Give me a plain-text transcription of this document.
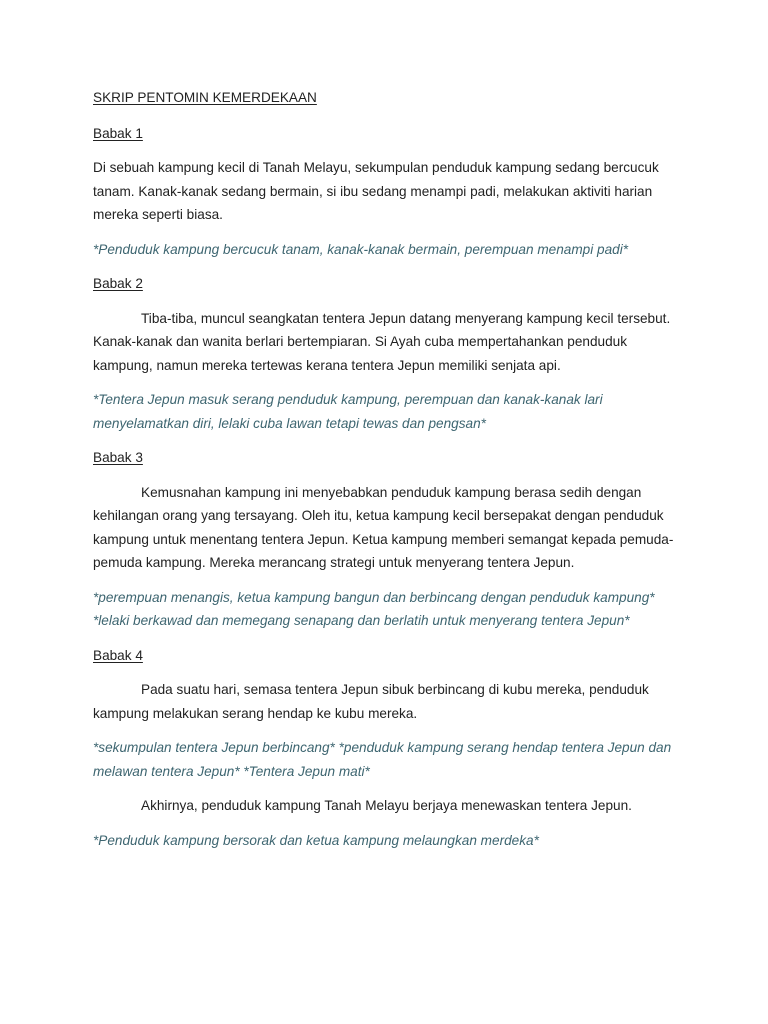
SKRIP PENTOMIN KEMERDEKAAN

Babak 1

Di sebuah kampung kecil di Tanah Melayu, sekumpulan penduduk kampung sedang bercucuk tanam. Kanak-kanak sedang bermain, si ibu sedang menampi padi, melakukan aktiviti harian mereka seperti biasa.

*Penduduk kampung bercucuk tanam, kanak-kanak bermain, perempuan menampi padi*

Babak 2

Tiba-tiba, muncul seangkatan tentera Jepun datang menyerang kampung kecil tersebut. Kanak-kanak dan wanita berlari bertempiaran. Si Ayah cuba mempertahankan penduduk kampung, namun mereka tertewas kerana tentera Jepun memiliki senjata api.

*Tentera Jepun masuk serang penduduk kampung, perempuan dan kanak-kanak lari menyelamatkan diri, lelaki cuba lawan tetapi tewas dan pengsan*

Babak 3

Kemusnahan kampung ini menyebabkan penduduk kampung berasa sedih dengan kehilangan orang yang tersayang. Oleh itu, ketua kampung kecil bersepakat dengan penduduk kampung untuk menentang tentera Jepun. Ketua kampung memberi semangat kepada pemuda-pemuda kampung. Mereka merancang strategi untuk menyerang tentera Jepun.

*perempuan menangis, ketua kampung bangun dan berbincang dengan penduduk kampung* *lelaki berkawad dan memegang senapang dan berlatih untuk menyerang tentera Jepun*

Babak 4

Pada suatu hari, semasa tentera Jepun sibuk berbincang di kubu mereka, penduduk kampung melakukan serang hendap ke kubu mereka.

*sekumpulan tentera Jepun berbincang* *penduduk kampung serang hendap tentera Jepun dan melawan tentera Jepun* *Tentera Jepun mati*

Akhirnya, penduduk kampung Tanah Melayu berjaya menewaskan tentera Jepun.

*Penduduk kampung bersorak dan ketua kampung melaungkan merdeka*
